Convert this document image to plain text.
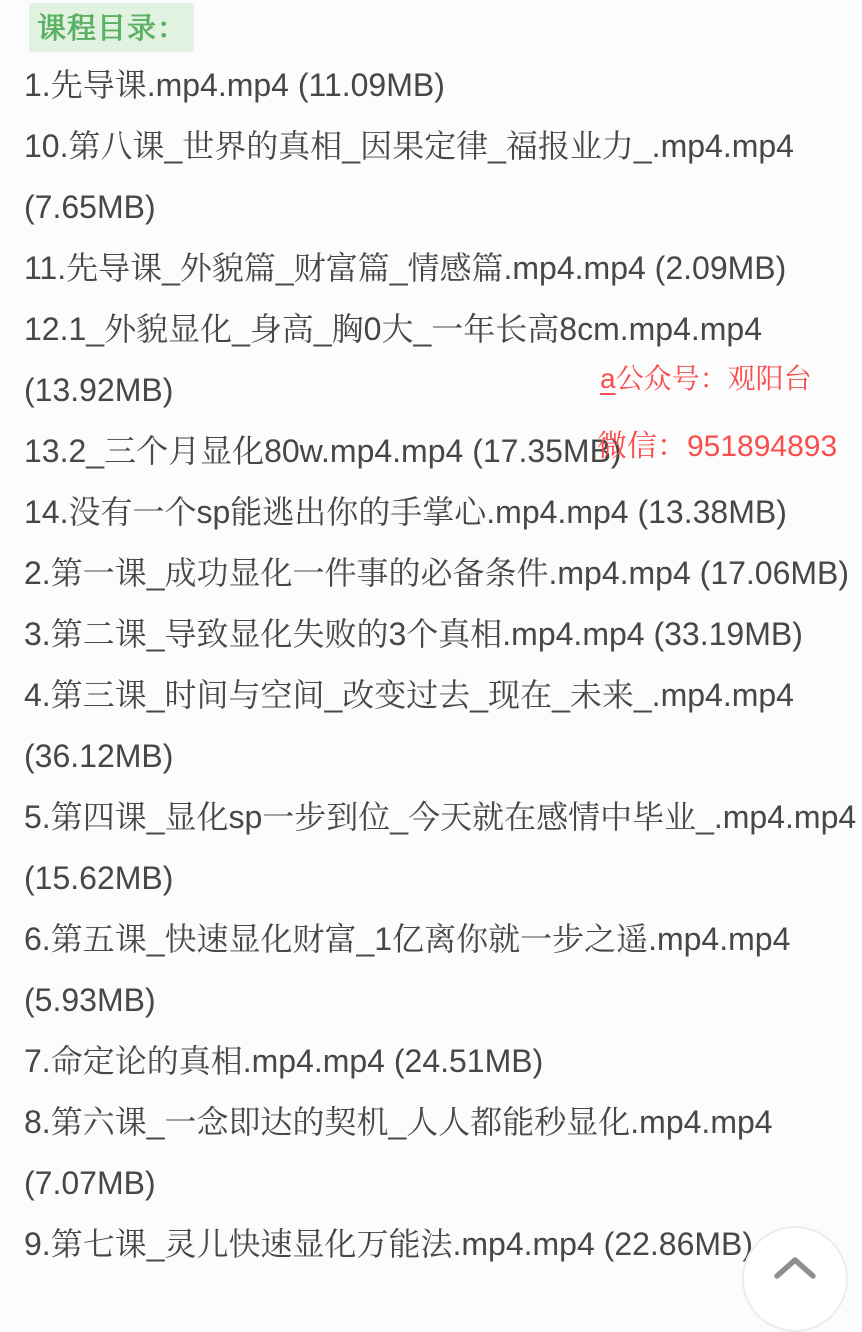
课程目录：
1.先导课.mp4.mp4 (11.09MB)
10.第八课_世界的真相_因果定律_福报业力_.mp4.mp4
(7.65MB)
11.先导课_外貌篇_财富篇_情感篇.mp4.mp4 (2.09MB)
12.1_外貌显化_身高_胸0大_一年长高8cm.mp4.mp4
(13.92MB)
13.2_三个月显化80w.mp4.mp4 (17.35MB)
14.没有一个sp能逃出你的手掌心.mp4.mp4 (13.38MB)
2.第一课_成功显化一件事的必备条件.mp4.mp4 (17.06MB)
3.第二课_导致显化失败的3个真相.mp4.mp4 (33.19MB)
4.第三课_时间与空间_改变过去_现在_未来_.mp4.mp4
(36.12MB)
5.第四课_显化sp一步到位_今天就在感情中毕业_.mp4.mp4
(15.62MB)
6.第五课_快速显化财富_1亿离你就一步之遥.mp4.mp4
(5.93MB)
7.命定论的真相.mp4.mp4 (24.51MB)
8.第六课_一念即达的契机_人人都能秒显化.mp4.mp4
(7.07MB)
9.第七课_灵儿快速显化万能法.mp4.mp4 (22.86MB)
a公众号：观阳台
微信：951894893
